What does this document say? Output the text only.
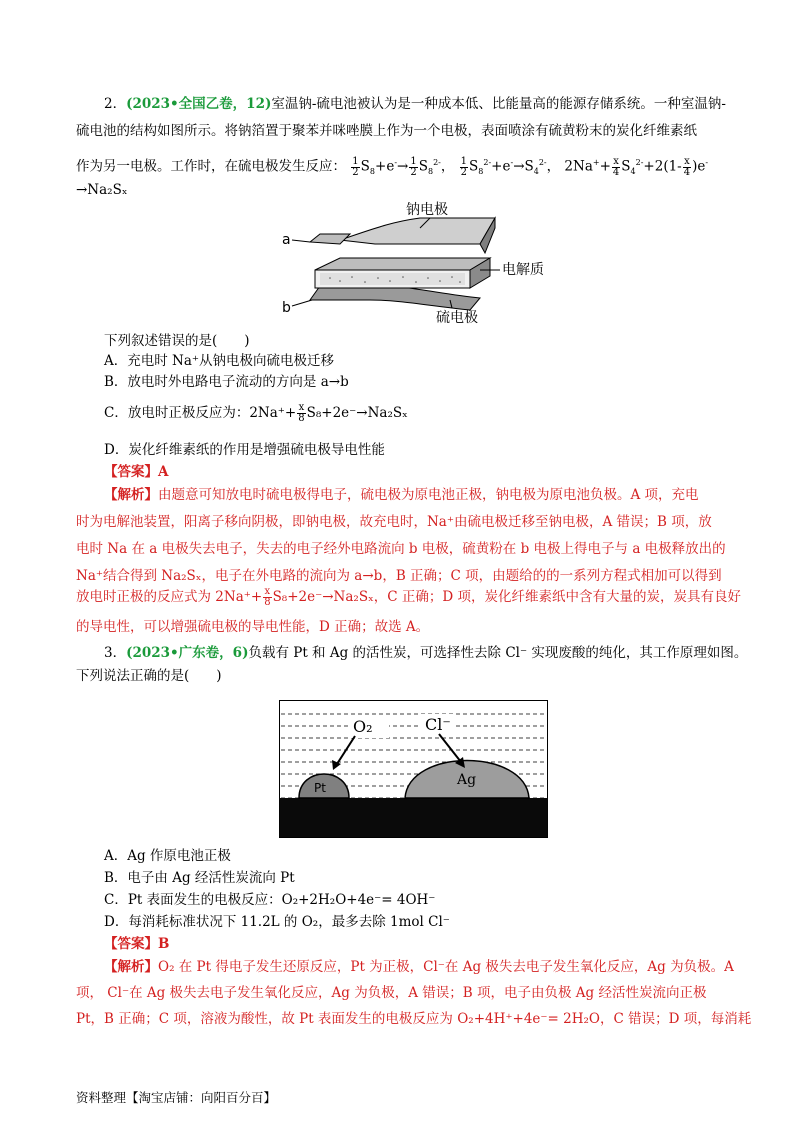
2．(2023•全国乙卷，12)室温钠-硫电池被认为是一种成本低、比能量高的能源存储系统。一种室温钠-
硫电池的结构如图所示。将钠箔置于聚苯并咪唑膜上作为一个电极，表面喷涂有硫黄粉末的炭化纤维素纸
作为另一电极。工作时，在硫电极发生反应： $\frac{1}{2} S_8+e^-\to \frac{1}{2} S_8^{2-}$， $\frac{1}{2} S_8^{2-}+e^-\to S_4^{2-}$， $2Na^++ \frac{x}{4} S_4^{2-}+2(1- \frac{x}{4} )e^-$
→Na₂Sₓ
a
b
钠电极
电解质
硫电极
下列叙述错误的是(　　)
A．充电时 Na⁺从钠电极向硫电极迁移
B．放电时外电路电子流动的方向是 a→b
C．放电时正极反应为：$2Na^++ \frac{x}{8} S_8+2e^-\to Na_2S_x$
D．炭化纤维素纸的作用是增强硫电极导电性能
【答案】A
【解析】由题意可知放电时硫电极得电子，硫电极为原电池正极，钠电极为原电池负极。A 项，充电
时为电解池装置，阳离子移向阴极，即钠电极，故充电时，Na⁺由硫电极迁移至钠电极，A 错误；B 项，放
电时 Na 在 a 电极失去电子，失去的电子经外电路流向 b 电极，硫黄粉在 b 电极上得电子与 a 电极释放出的
Na⁺结合得到 Na₂Sₓ，电子在外电路的流向为 a→b，B 正确；C 项，由题给的的一系列方程式相加可以得到
放电时正极的反应式为 $2Na^++ \frac{x}{8} S_8+2e^-\to Na_2S_x$，C 正确；D 项，炭化纤维素纸中含有大量的炭，炭具有良好
的导电性，可以增强硫电极的导电性能，D 正确；故选 A。
3．(2023•广东卷，6)负载有 Pt 和 Ag 的活性炭，可选择性去除 Cl⁻ 实现废酸的纯化，其工作原理如图。
下列说法正确的是(　　)
O₂	Cl⁻
Pt	Ag
A．Ag 作原电池正极
B．电子由 Ag 经活性炭流向 Pt
C．Pt 表面发生的电极反应：O₂+2H₂O+4e⁻= 4OH⁻
D．每消耗标准状况下 11.2L 的 O₂，最多去除 1mol Cl⁻
【答案】B
【解析】O₂ 在 Pt 得电子发生还原反应，Pt 为正极，Cl⁻在 Ag 极失去电子发生氧化反应，Ag 为负极。A
项， Cl⁻在 Ag 极失去电子发生氧化反应，Ag 为负极，A 错误；B 项，电子由负极 Ag 经活性炭流向正极
Pt，B 正确；C 项，溶液为酸性，故 Pt 表面发生的电极反应为 O₂+4H⁺+4e⁻= 2H₂O，C 错误；D 项，每消耗
资料整理【淘宝店铺：向阳百分百】
